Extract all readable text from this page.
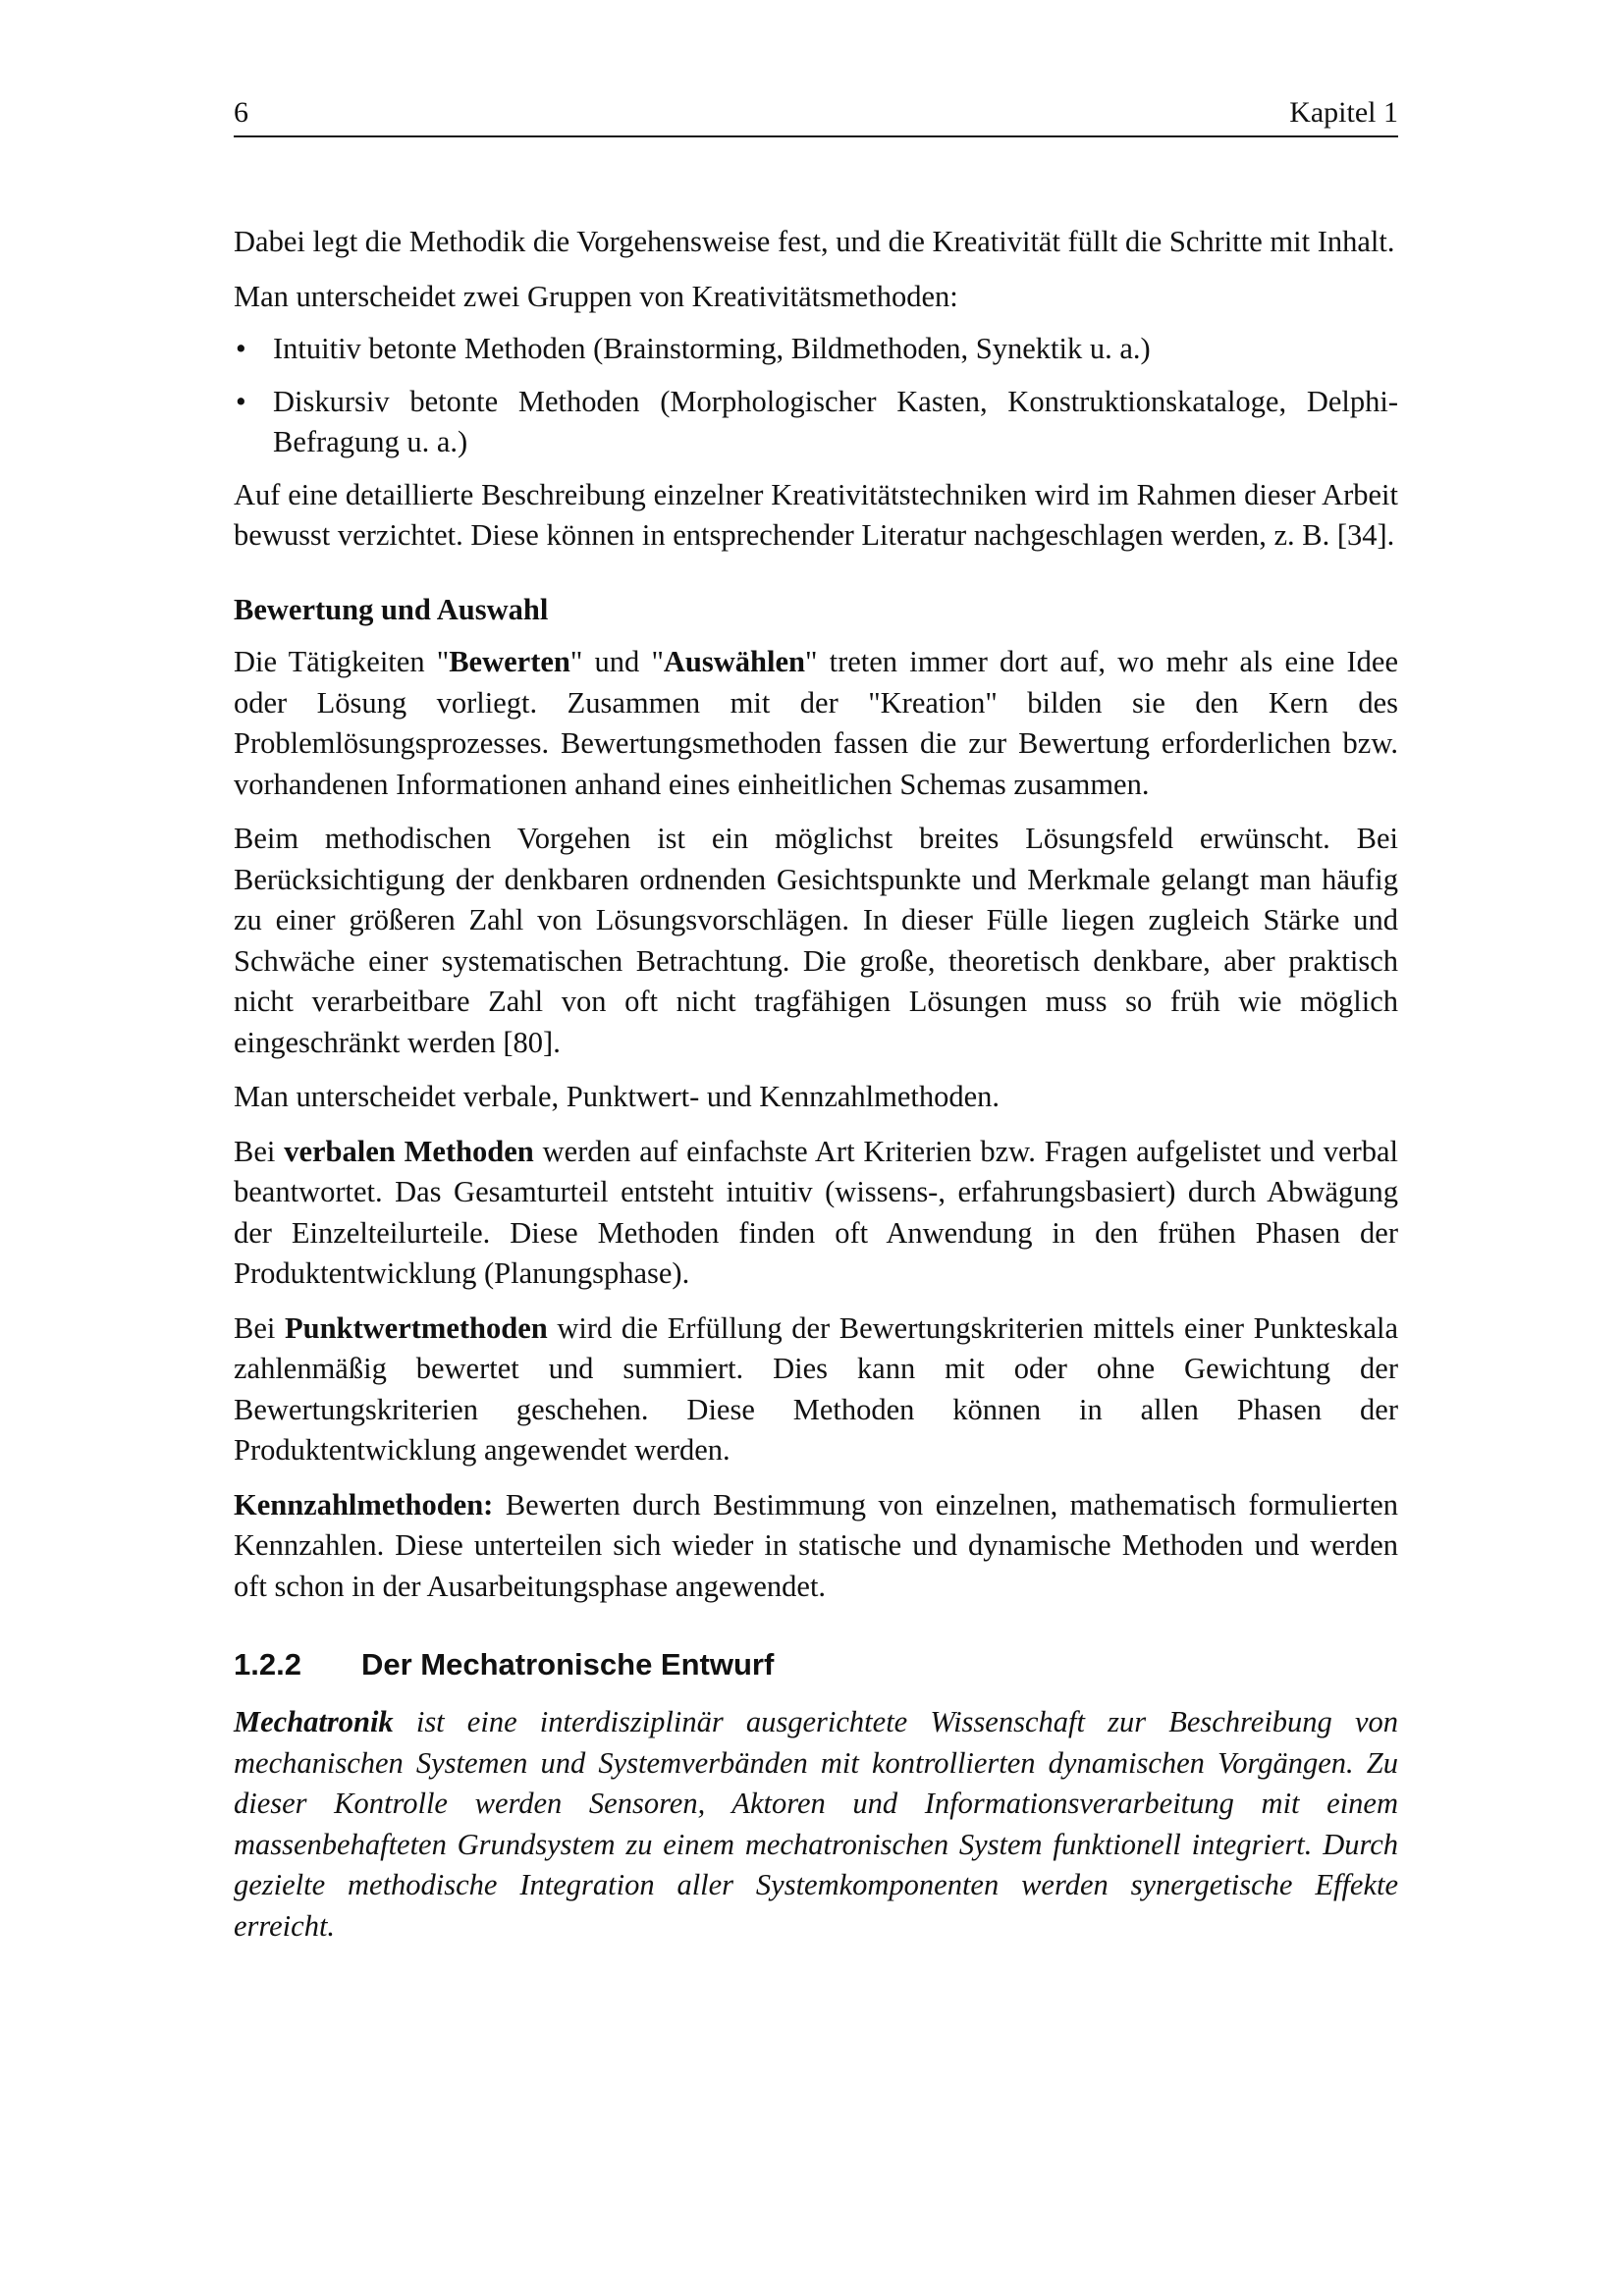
6	Kapitel 1

Dabei legt die Methodik die Vorgehensweise fest, und die Kreativität füllt die Schritte mit Inhalt.

Man unterscheidet zwei Gruppen von Kreativitätsmethoden:

• Intuitiv betonte Methoden (Brainstorming, Bildmethoden, Synektik u. a.)
• Diskursiv betonte Methoden (Morphologischer Kasten, Konstruktionskataloge, Delphi-Befragung u. a.)

Auf eine detaillierte Beschreibung einzelner Kreativitätstechniken wird im Rahmen dieser Arbeit bewusst verzichtet. Diese können in entsprechender Literatur nachgeschlagen werden, z. B. [34].

Bewertung und Auswahl

Die Tätigkeiten "Bewerten" und "Auswählen" treten immer dort auf, wo mehr als eine Idee oder Lösung vorliegt. Zusammen mit der "Kreation" bilden sie den Kern des Problemlösungsprozesses. Bewertungsmethoden fassen die zur Bewertung erforderlichen bzw. vorhandenen Informationen anhand eines einheitlichen Schemas zusammen.

Beim methodischen Vorgehen ist ein möglichst breites Lösungsfeld erwünscht. Bei Berücksichtigung der denkbaren ordnenden Gesichtspunkte und Merkmale gelangt man häufig zu einer größeren Zahl von Lösungsvorschlägen. In dieser Fülle liegen zugleich Stärke und Schwäche einer systematischen Betrachtung. Die große, theoretisch denkbare, aber praktisch nicht verarbeitbare Zahl von oft nicht tragfähigen Lösungen muss so früh wie möglich eingeschränkt werden [80].

Man unterscheidet verbale, Punktwert- und Kennzahlmethoden.

Bei verbalen Methoden werden auf einfachste Art Kriterien bzw. Fragen aufgelistet und verbal beantwortet. Das Gesamturteil entsteht intuitiv (wissens-, erfahrungsbasiert) durch Abwägung der Einzelteilurteile. Diese Methoden finden oft Anwendung in den frühen Phasen der Produktentwicklung (Planungsphase).

Bei Punktwertmethoden wird die Erfüllung der Bewertungskriterien mittels einer Punkteskala zahlenmäßig bewertet und summiert. Dies kann mit oder ohne Gewichtung der Bewertungskriterien geschehen. Diese Methoden können in allen Phasen der Produktentwicklung angewendet werden.

Kennzahlmethoden: Bewerten durch Bestimmung von einzelnen, mathematisch formulierten Kennzahlen. Diese unterteilen sich wieder in statische und dynamische Methoden und werden oft schon in der Ausarbeitungsphase angewendet.

1.2.2 Der Mechatronische Entwurf

Mechatronik ist eine interdisziplinär ausgerichtete Wissenschaft zur Beschreibung von mechanischen Systemen und Systemverbänden mit kontrollierten dynamischen Vorgängen. Zu dieser Kontrolle werden Sensoren, Aktoren und Informationsverarbeitung mit einem massenbehafteten Grundsystem zu einem mechatronischen System funktionell integriert. Durch gezielte methodische Integration aller Systemkomponenten werden synergetische Effekte erreicht.
